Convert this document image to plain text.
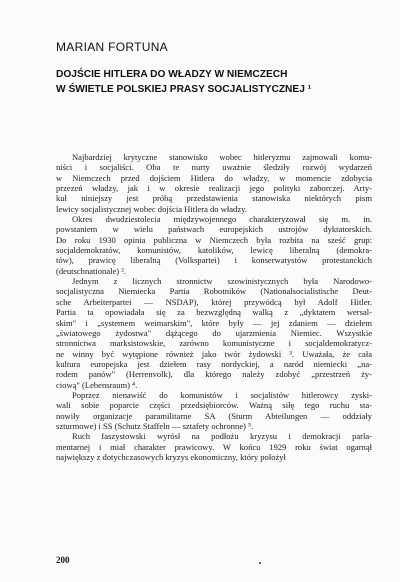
MARIAN FORTUNA
DOJŚCIE HITLERA DO WŁADZY W NIEMCZECH
W ŚWIETLE POLSKIEJ PRASY SOCJALISTYCZNEJ ¹
Najbardziej krytyczne stanowisko wobec hitleryzmu zajmowali komu-
niści i socjaliści. Oba te nurty uważnie śledziły rozwój wydarzeń
w Niemczech przed dojściem Hitlera do władzy, w momencie zdobycia
przezeń władzy, jak i w okresie realizacji jego polityki zaborczej. Arty-
kuł niniejszy jest próbą przedstawienia stanowiska niektórych pism
lewicy socjalistycznej wobec dojścia Hitlera do władzy.
Okres dwudziestolecia międzywojennego charakteryzował się m. in.
powstaniem w wielu państwach europejskich ustrojów dyktatorskich.
Do roku 1930 opinia publiczna w Niemczech była rozbita na sześć grup:
socjaldemokratów, komunistów, katolików, lewicę liberalną (demokra-
tów), prawicę liberalną (Volkspartei) i konserwatystów protestanckich
(deutschnationale) ².
Jednym z licznych stronnictw szowinistycznych była Narodowo-
socjalistyczna Niemiecka Partia Robotników (Nationalsocialistische Deut-
sche Arbeiterpartei — NSDAP), której przywódcą był Adolf Hitler.
Partia ta opowiadała się za bezwzględną walką z „dyktatem wersal-
skim" i „systemem weimarskim", które były — jej zdaniem — dziełem
„światowego żydostwa" dążącego do ujarzmienia Niemiec. Wszystkie
stronnictwa marksistowskie, zarówno komunistyczne i socjaldemokratycz-
ne winny być wytępione również jako twór żydowski ³. Uważała, że cała
kultura europejska jest dziełem rasy nordyckiej, a naród niemiecki „na-
rodem panów" (Herrenvolk), dla którego należy zdobyć „przestrzeń ży-
ciową" (Lebensraum) ⁴.
Poprzez nienawiść do komunistów i socjalistów hitlerowcy zyski-
wali sobie poparcie części przedsiębiorców. Ważną siłę tego ruchu sta-
nowiły organizacje paramilitarne SA (Sturm Abteilungen — oddziały
szturmowe) i SS (Schutz Staffeln — sztafety ochronne) ⁵.
Ruch faszystowski wyrósł na podłożu kryzysu i demokracji parla-
mentarnej i miał charakter prawicowy. W końcu 1929 roku świat ogarnął
największy z dotychczasowych kryzys ekonomiczny, który położył
200
